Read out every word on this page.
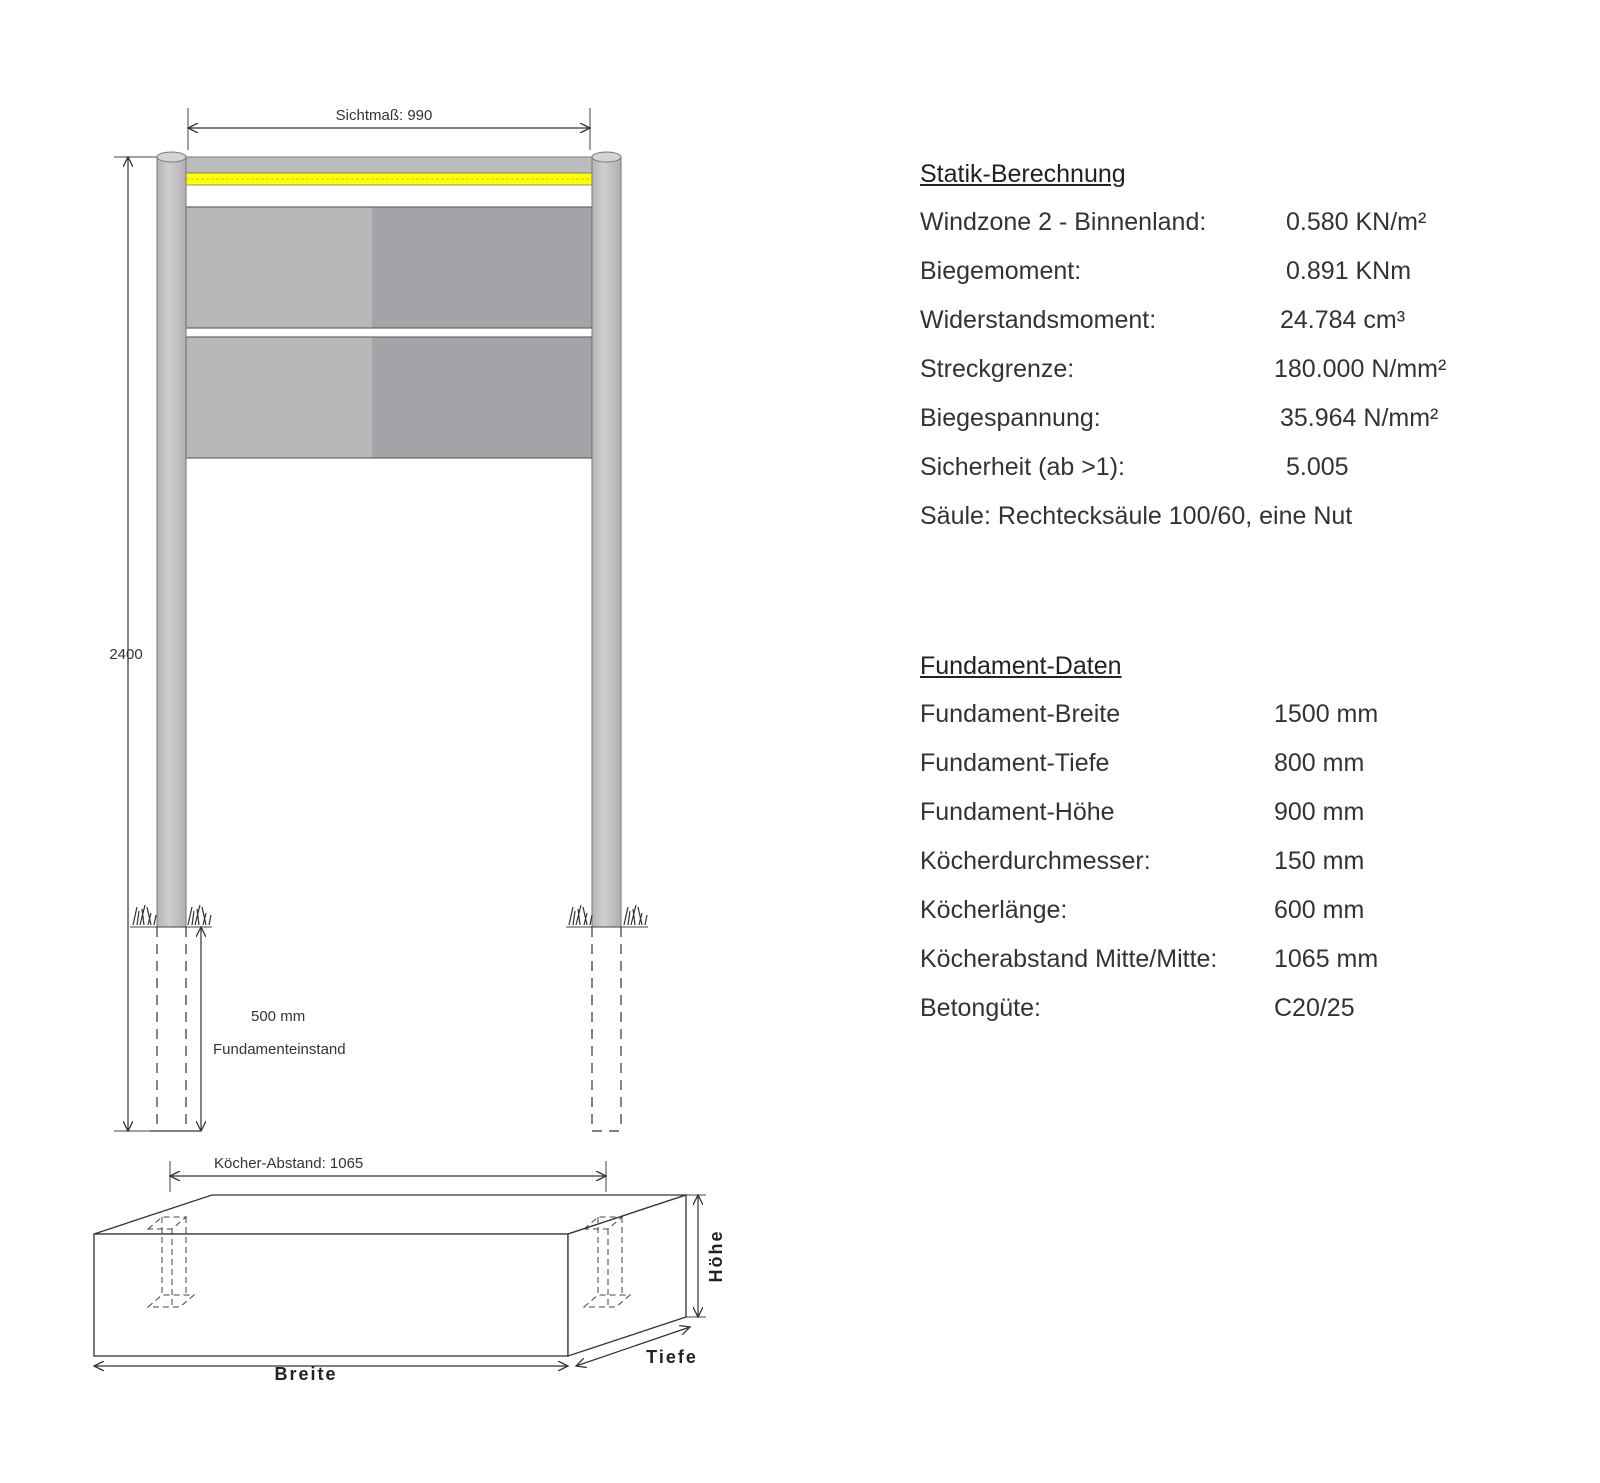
Sichtmaß: 990
2400
500 mm
Fundamenteinstand
Köcher-Abstand: 1065
Breite
Tiefe
Höhe
Statik-Berechnung
Windzone 2 - Binnenland:	0.580 KN/m²
Biegemoment:	0.891 KNm
Widerstandsmoment:	24.784 cm³
Streckgrenze:	180.000 N/mm²
Biegespannung:	35.964 N/mm²
Sicherheit (ab >1):	5.005
Säule: Rechtecksäule 100/60, eine Nut
Fundament-Daten
Fundament-Breite	1500 mm
Fundament-Tiefe	800 mm
Fundament-Höhe	900 mm
Köcherdurchmesser:	150 mm
Köcherlänge:	600 mm
Köcherabstand Mitte/Mitte: 1065 mm
Betongüte:	C20/25
